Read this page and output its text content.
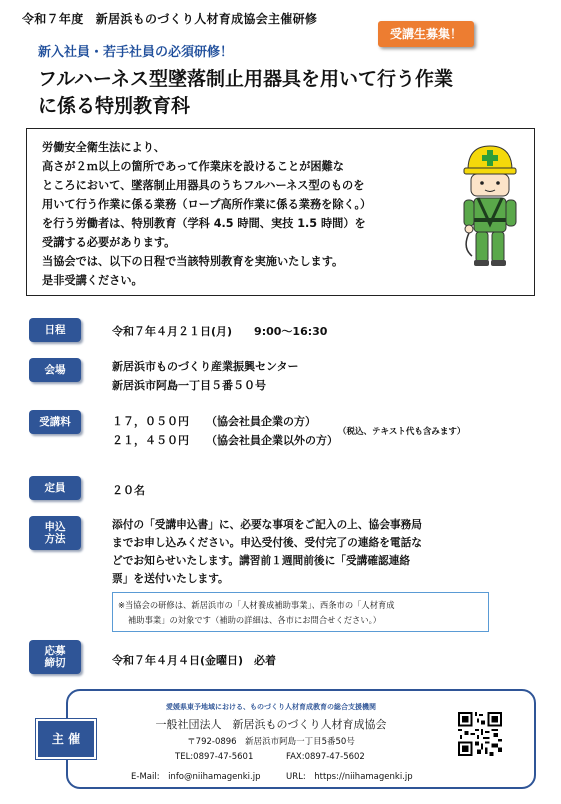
令和７年度　新居浜ものづくり人材育成協会主催研修
受講生募集！
新入社員・若手社員の必須研修！
フルハーネス型墜落制止用器具を用いて行う作業
に係る特別教育科
労働安全衛生法により、
高さが２ｍ以上の箇所であって作業床を設けることが困難な
ところにおいて、墜落制止用器具のうちフルハーネス型のものを
用いて行う作業に係る業務（ロープ高所作業に係る業務を除く。）
を行う労働者は、特別教育（学科 4.5 時間、実技 1.5 時間）を
受講する必要があります。
当協会では、以下の日程で当該特別教育を実施いたします。
是非受講ください。
日程	令和７年４月２１日(月)　　9:00～16:30
会場	新居浜市ものづくり産業振興センター
新居浜市阿島一丁目５番５０号
受講料	１７，０５０円 （協会社員企業の方）
２１，４５０円 （協会社員企業以外の方）
（税込、テキスト代も含みます）
定員	２０名
申込
方法
添付の「受講申込書」に、必要な事項をご記入の上、協会事務局
までお申し込みください。申込受付後、受付完了の連絡を電話な
どでお知らせいたします。講習前１週間前後に「受講確認連絡
票」を送付いたします。
※当協会の研修は、新居浜市の「人材養成補助事業」、西条市の「人材育成
補助事業」の対象です（補助の詳細は、各市にお問合せください。）
応募
締切	令和７年４月４日(金曜日)　必着
主 催
愛媛県東予地域における、ものづくり人材育成教育の総合支援機関
一般社団法人　新居浜ものづくり人材育成協会
〒792-0896　新居浜市阿島一丁目5番50号
TEL:0897-47-5601	FAX:0897-47-5602
E-Mail:　info@niihamagenki.jp	URL:　https://niihamagenki.jp
